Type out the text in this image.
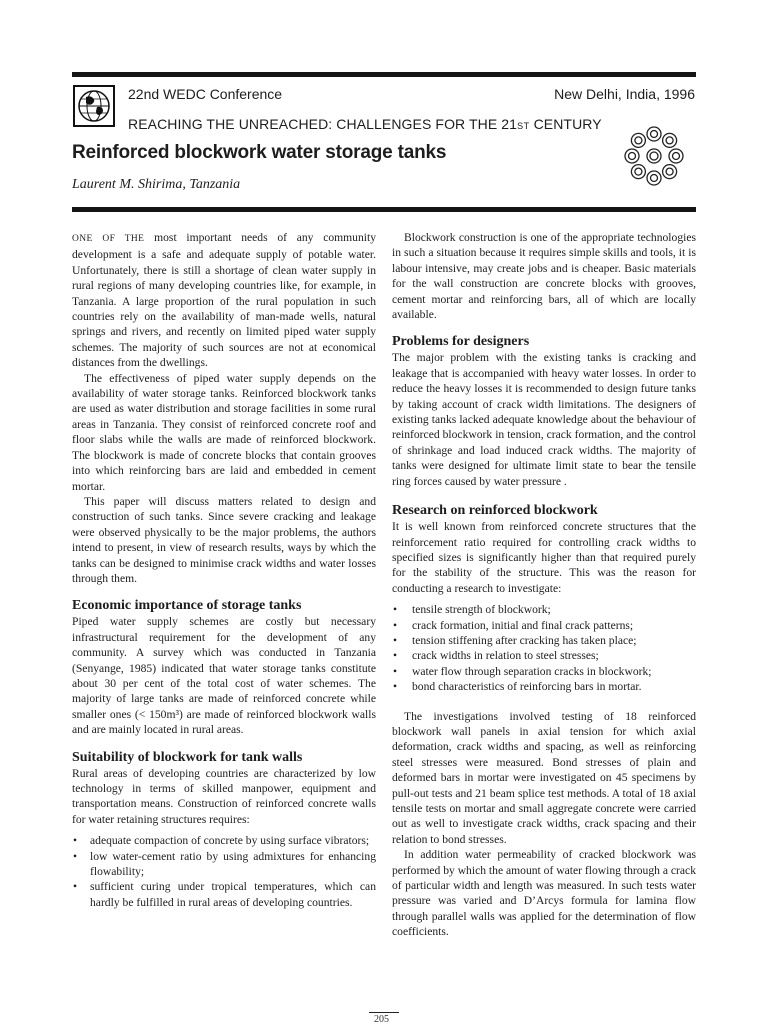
22nd WEDC Conference	New Delhi, India, 1996
REACHING THE UNREACHED: CHALLENGES FOR THE 21ST CENTURY
Reinforced blockwork water storage tanks
Laurent M. Shirima, Tanzania

ONE OF THE most important needs of any community development is a safe and adequate supply of potable water. Unfortunately, there is still a shortage of clean water supply in rural regions of many developing countries like, for example, in Tanzania. A large proportion of the rural population in such countries rely on the availability of man-made wells, natural springs and rivers, and recently on limited piped water supply schemes. The majority of such sources are not at economical distances from the dwellings.

The effectiveness of piped water supply depends on the availability of water storage tanks. Reinforced blockwork tanks are used as water distribution and storage facilities in some rural areas in Tanzania. They consist of reinforced concrete roof and floor slabs while the walls are made of reinforced blockwork. The blockwork is made of concrete blocks that contain grooves into which reinforcing bars are laid and embedded in cement mortar.

This paper will discuss matters related to design and construction of such tanks. Since severe cracking and leakage were observed physically to be the major problems, the authors intend to present, in view of research results, ways by which the tanks can be designed to minimise crack widths and water losses through them.

Economic importance of storage tanks

Piped water supply schemes are costly but necessary infrastructural requirement for the development of any community. A survey which was conducted in Tanzania (Senyange, 1985) indicated that water storage tanks constitute about 30 per cent of the total cost of water schemes. The majority of large tanks are made of reinforced concrete while smaller ones (< 150m³) are made of reinforced blockwork walls and are mainly located in rural areas.

Suitability of blockwork for tank walls

Rural areas of developing countries are characterized by low technology in terms of skilled manpower, equipment and transportation means. Construction of reinforced concrete walls for water retaining structures requires:

• adequate compaction of concrete by using surface vibrators;
• low water-cement ratio by using admixtures for enhancing flowability;
• sufficient curing under tropical temperatures, which can hardly be fulfilled in rural areas of developing countries.

Blockwork construction is one of the appropriate technologies in such a situation because it requires simple skills and tools, it is labour intensive, may create jobs and is cheaper. Basic materials for the wall construction are concrete blocks with grooves, cement mortar and reinforcing bars, all of which are locally available.

Problems for designers

The major problem with the existing tanks is cracking and leakage that is accompanied with heavy water losses. In order to reduce the heavy losses it is recommended to design future tanks by taking account of crack width limitations. The designers of existing tanks lacked adequate knowledge about the behaviour of reinforced blockwork in tension, crack formation, and the control of shrinkage and load induced crack widths. The majority of tanks were designed for ultimate limit state to bear the tensile ring forces caused by water pressure .

Research on reinforced blockwork

It is well known from reinforced concrete structures that the reinforcement ratio required for controlling crack widths to specified sizes is significantly higher than that required purely for the stability of the structure. This was the reason for conducting a research to investigate:

• tensile strength of blockwork;
• crack formation, initial and final crack patterns;
• tension stiffening after cracking has taken place;
• crack widths in relation to steel stresses;
• water flow through separation cracks in blockwork;
• bond characteristics of reinforcing bars in mortar.

The investigations involved testing of 18 reinforced blockwork wall panels in axial tension for which axial deformation, crack widths and spacing, as well as reinforcing steel stresses were measured. Bond stresses of plain and deformed bars in mortar were investigated on 45 specimens by pull-out tests and 21 beam splice test methods. A total of 18 axial tensile tests on mortar and small aggregate concrete were carried out as well to investigate crack widths, crack spacing and their relation to bond stresses.

In addition water permeability of cracked blockwork was performed by which the amount of water flowing through a crack of particular width and length was measured. In such tests water pressure was varied and D’Arcys formula for lamina flow through parallel walls was applied for the determination of flow coefficients.

205
